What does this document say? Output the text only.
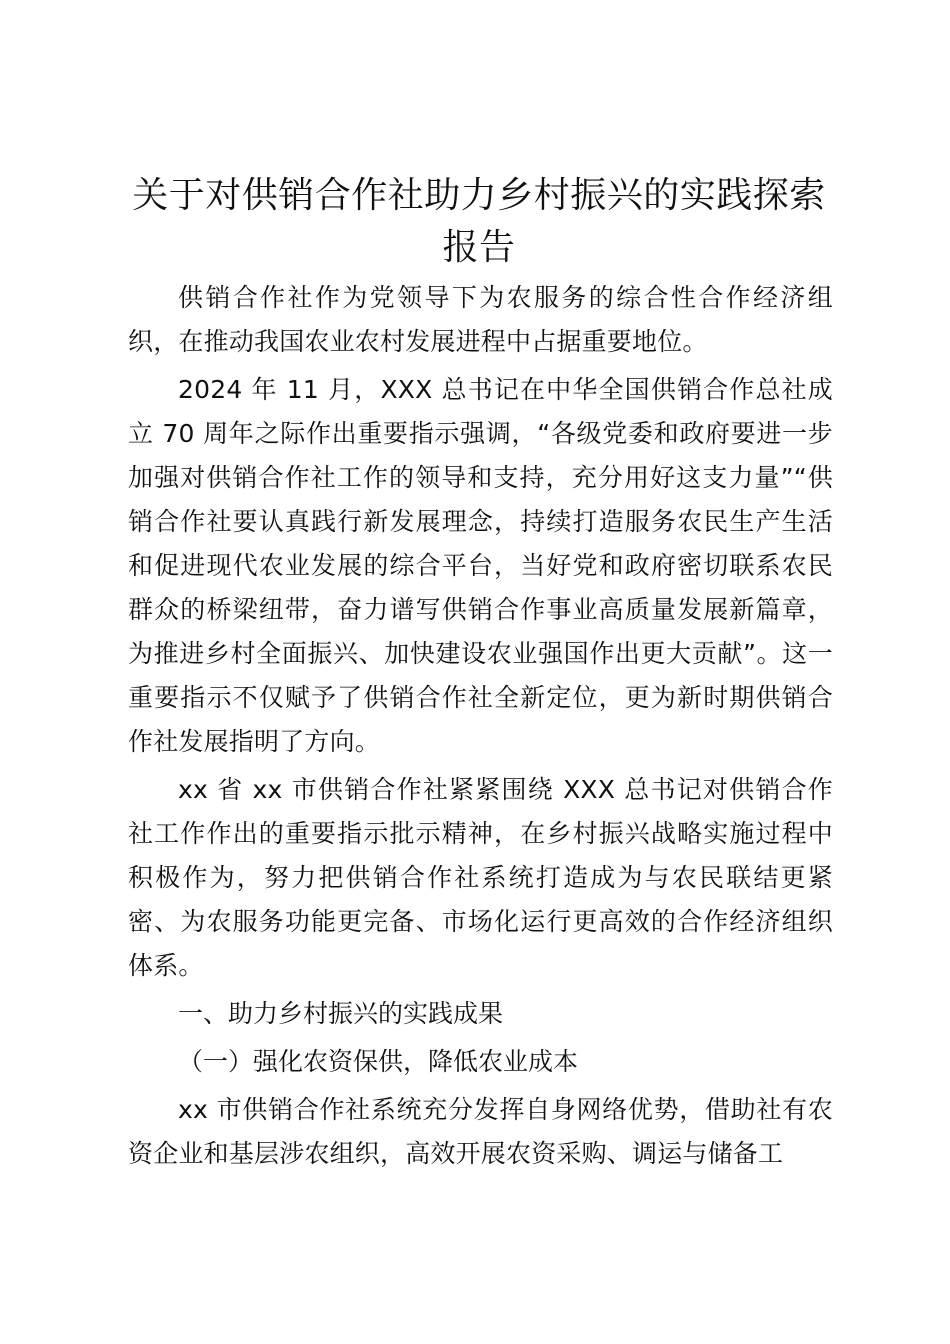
关于对供销合作社助力乡村振兴的实践探索报告

供销合作社作为党领导下为农服务的综合性合作经济组织，在推动我国农业农村发展进程中占据重要地位。

2024 年 11 月，XXX 总书记在中华全国供销合作总社成立 70 周年之际作出重要指示强调，“各级党委和政府要进一步加强对供销合作社工作的领导和支持，充分用好这支力量”“供销合作社要认真践行新发展理念，持续打造服务农民生产生活和促进现代农业发展的综合平台，当好党和政府密切联系农民群众的桥梁纽带，奋力谱写供销合作事业高质量发展新篇章，为推进乡村全面振兴、加快建设农业强国作出更大贡献”。这一重要指示不仅赋予了供销合作社全新定位，更为新时期供销合作社发展指明了方向。

xx 省 xx 市供销合作社紧紧围绕 XXX 总书记对供销合作社工作作出的重要指示批示精神，在乡村振兴战略实施过程中积极作为，努力把供销合作社系统打造成为与农民联结更紧密、为农服务功能更完备、市场化运行更高效的合作经济组织体系。

一、助力乡村振兴的实践成果

（一）强化农资保供，降低农业成本

xx 市供销合作社系统充分发挥自身网络优势，借助社有农资企业和基层涉农组织，高效开展农资采购、调运与储备工
